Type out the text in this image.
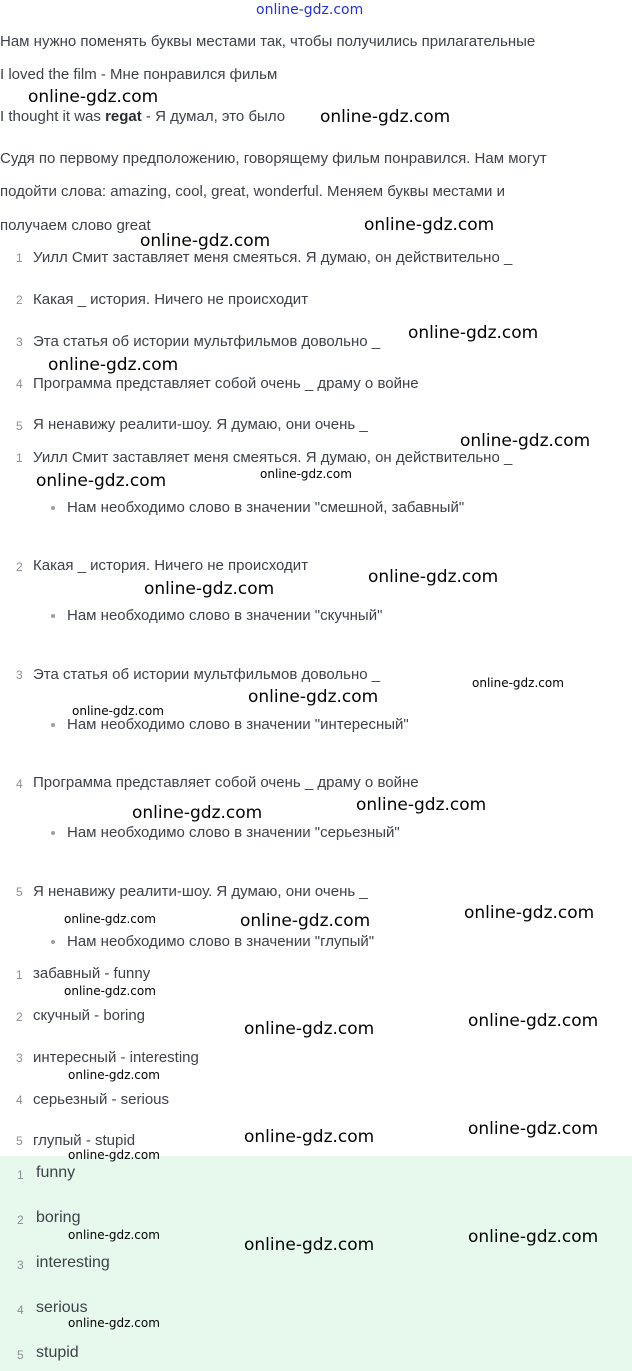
online-gdz.com
Нам нужно поменять буквы местами так, чтобы получились прилагательные
I loved the film - Мне понравился фильм
I thought it was regat - Я думал, это было
Судя по первому предположению, говорящему фильм понравился. Нам могут
подойти слова: amazing, cool, great, wonderful. Меняем буквы местами и
получаем слово great
1 Уилл Смит заставляет меня смеяться. Я думаю, он действительно _
2 Какая _ история. Ничего не происходит
3 Эта статья об истории мультфильмов довольно _
4 Программа представляет собой очень _ драму о войне
5 Я ненавижу реалити-шоу. Я думаю, они очень _
1 Уилл Смит заставляет меня смеяться. Я думаю, он действительно _
Нам необходимо слово в значении "смешной, забавный"
2 Какая _ история. Ничего не происходит
Нам необходимо слово в значении "скучный"
3 Эта статья об истории мультфильмов довольно _
Нам необходимо слово в значении "интересный"
4 Программа представляет собой очень _ драму о войне
Нам необходимо слово в значении "серьезный"
5 Я ненавижу реалити-шоу. Я думаю, они очень _
Нам необходимо слово в значении "глупый"
1 забавный - funny
2 скучный - boring
3 интересный - interesting
4 серьезный - serious
5 глупый - stupid
1 funny
2 boring
3 interesting
4 serious
5 stupid
online-gdz.com
online-gdz.com
online-gdz.com
online-gdz.com
online-gdz.com
online-gdz.com
online-gdz.com
online-gdz.com
online-gdz.com
online-gdz.com
online-gdz.com
online-gdz.com
online-gdz.com
online-gdz.com
online-gdz.com
online-gdz.com
online-gdz.com
online-gdz.com	online-gdz.com
online-gdz.com
online-gdz.com
online-gdz.com
online-gdz.com
online-gdz.com
online-gdz.com
online-gdz.com
online-gdz.com	online-gdz.com
online-gdz.com
online-gdz.com
